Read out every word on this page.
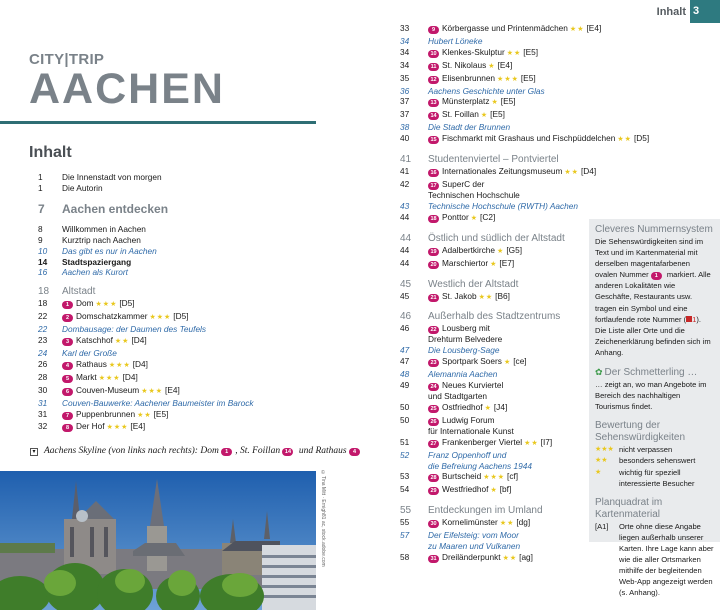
Inhalt 3
CITY|TRIP
AACHEN
Inhalt
1	Die Innenstadt von morgen
1	Die Autorin
7	Aachen entdecken
8	Willkommen in Aachen
9	Kurztrip nach Aachen
10	Das gibt es nur in Aachen
14	Stadtspaziergang
16	Aachen als Kurort
18	Altstadt
18	1 Dom ★★★ [D5]
22	2 Domschatzkammer ★★★ [D5]
22	Dombausage: der Daumen des Teufels
23	3 Katschhof ★★ [D4]
24	Karl der Große
26	4 Rathaus ★★★ [D4]
28	5 Markt ★★★ [D4]
30	6 Couven-Museum ★★★ [E4]
31	Couven-Bauwerke: Aachener Baumeister im Barock
31	7 Puppenbrunnen ★★ [E5]
32	8 Der Hof ★★★ [E4]
33	9 Körbergasse und Printenmädchen ★★ [E4]
34	Hubert Löneke
34	10 Klenkes-Skulptur ★★ [E5]
34	11 St. Nikolaus ★ [E4]
35	12 Elisenbrunnen ★★★ [E5]
36	Aachens Geschichte unter Glas
37	13 Münsterplatz ★ [E5]
37	14 St. Foillan ★ [E5]
38	Die Stadt der Brunnen
40	15 Fischmarkt mit Grashaus und Fischpüddelchen ★★ [D5]
41	Studentenviertel – Pontviertel
41	16 Internationales Zeitungsmuseum ★★ [D4]
42	17 SuperC der
Technischen Hochschule
43	Technische Hochschule (RWTH) Aachen
44	18 Ponttor ★ [C2]
44	Östlich und südlich der Altstadt
44	19 Adalbertkirche ★ [G5]
44	20 Marschiertor ★ [E7]
45	Westlich der Altstadt
45	21 St. Jakob ★★ [B6]
46	Außerhalb des Stadtzentrums
46	22 Lousberg mit
Drehturm Belvedere
47	Die Lousberg-Sage
47	23 Sportpark Soers ★ [ce]
48	Alemannia Aachen
49	24 Neues Kurviertel
und Stadtgarten
50	25 Ostfriedhof ★ [J4]
50	26 Ludwig Forum
für Internationale Kunst
51	27 Frankenberger Viertel ★★ [I7]
52	Franz Oppenhoff und
die Befreiung Aachens 1944
53	28 Burtscheid ★★★ [cf]
54	29 Westfriedhof ★ [bf]
55	Entdeckungen im Umland
55	30 Kornelimünster ★★ [dg]
57	Der Eifelsteig: vom Moor
zu Maaren und Vulkanen
58	31 Dreiländerpunkt ★★ [ag]
▾ Aachens Skyline (von links nach rechts): Dom 1 , St. Foillan 14 und Rathaus 4
©Tina Mitt · Ernigh81 ac, stock.adobe.com
Cleveres Nummernsystem
Die Sehenswürdigkeiten sind im Text und im Kartenmaterial mit derselben magentafarbenen ovalen Nummer 1 markiert. Alle anderen Lokalitäten wie Geschäfte, Restaurants usw. tragen ein Symbol und eine fortlaufende rote Nummer ( 1). Die Liste aller Orte und die Zeichenerklärung befinden sich im Anhang.
✿ Der Schmetterling …
… zeigt an, wo man Angebote im Bereich des nachhaltigen Tourismus findet.
Bewertung der Sehenswürdigkeiten
★★★ nicht verpassen
★★	besonders sehenswert
★	wichtig für speziell interessierte Besucher
Planquadrat im Kartenmaterial
[A1]	Orte ohne diese Angabe liegen außerhalb unserer Karten. Ihre Lage kann aber wie die aller Ortsmarken mithilfe der begleitenden Web-App angezeigt werden (s. Anhang).
